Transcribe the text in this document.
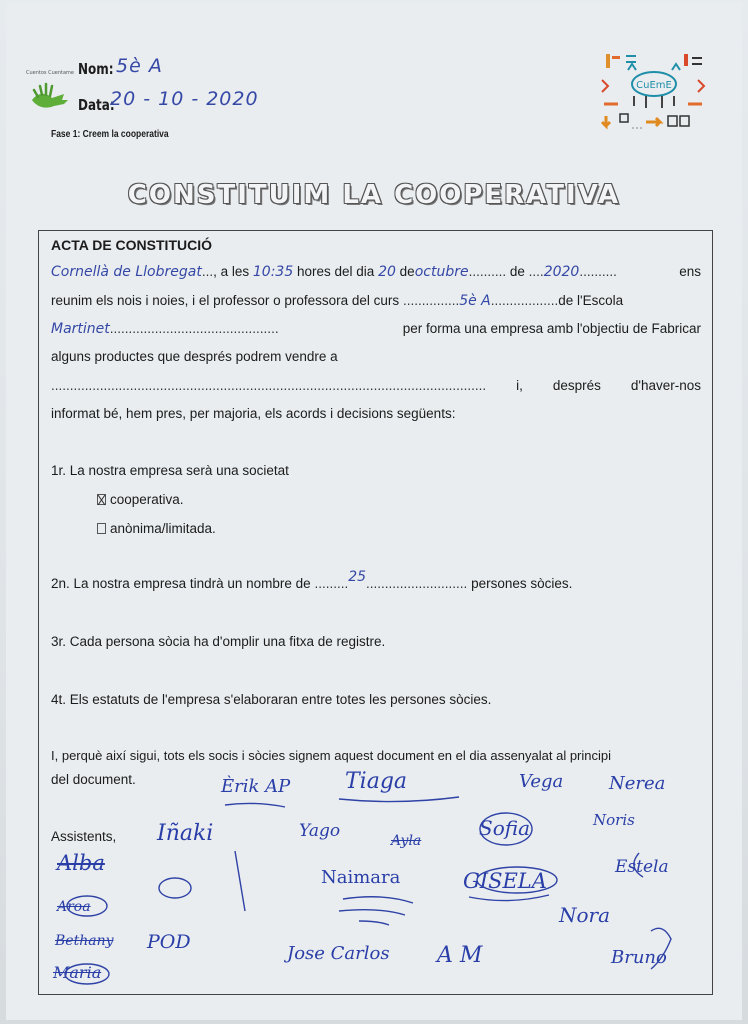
Cuentos Cuentame Nom: 5è A
Data:
20 - 10 - 2020
Fase 1: Creem la cooperativa
CuEmE
CONSTITUIM LA COOPERATIVA
ACTA DE CONSTITUCIÓ
Cornellà de Llobregat..., a les 10:35 hores del dia 20 deoctubre.......... de ....2020..........	ens
reunim els nois i noies, i el professor o professora del curs ...............5è A..................de l'Escola
Martinet.............................................	per forma una empresa amb l'objectiu de Fabricar
alguns productes que després podrem vendre a
.................................................................................................................... i, després d'haver-nos
informat bé, hem pres, per majoria, els acords i decisions següents:
1r. La nostra empresa serà una societat
cooperativa.
anònima/limitada.
2n. La nostra empresa tindrà un nombre de .........25........................... persones sòcies.
3r. Cada persona sòcia ha d'omplir una fitxa de registre.
4t. Els estatuts de l'empresa s'elaboraran entre totes les persones sòcies.
I, perquè així sigui, tots els socis i sòcies signem aquest document en el dia assenyalat al principi
del document.
Assistents,
Èrik AP Tiaga	Vega	Nerea
Iñaki	Yago	Ayla
Sofia	Noris
Alba
Naimara	GISELA
Estela
Aroa	Nora
Bethany POD
Jose Carlos A M	Bruno
Maria
